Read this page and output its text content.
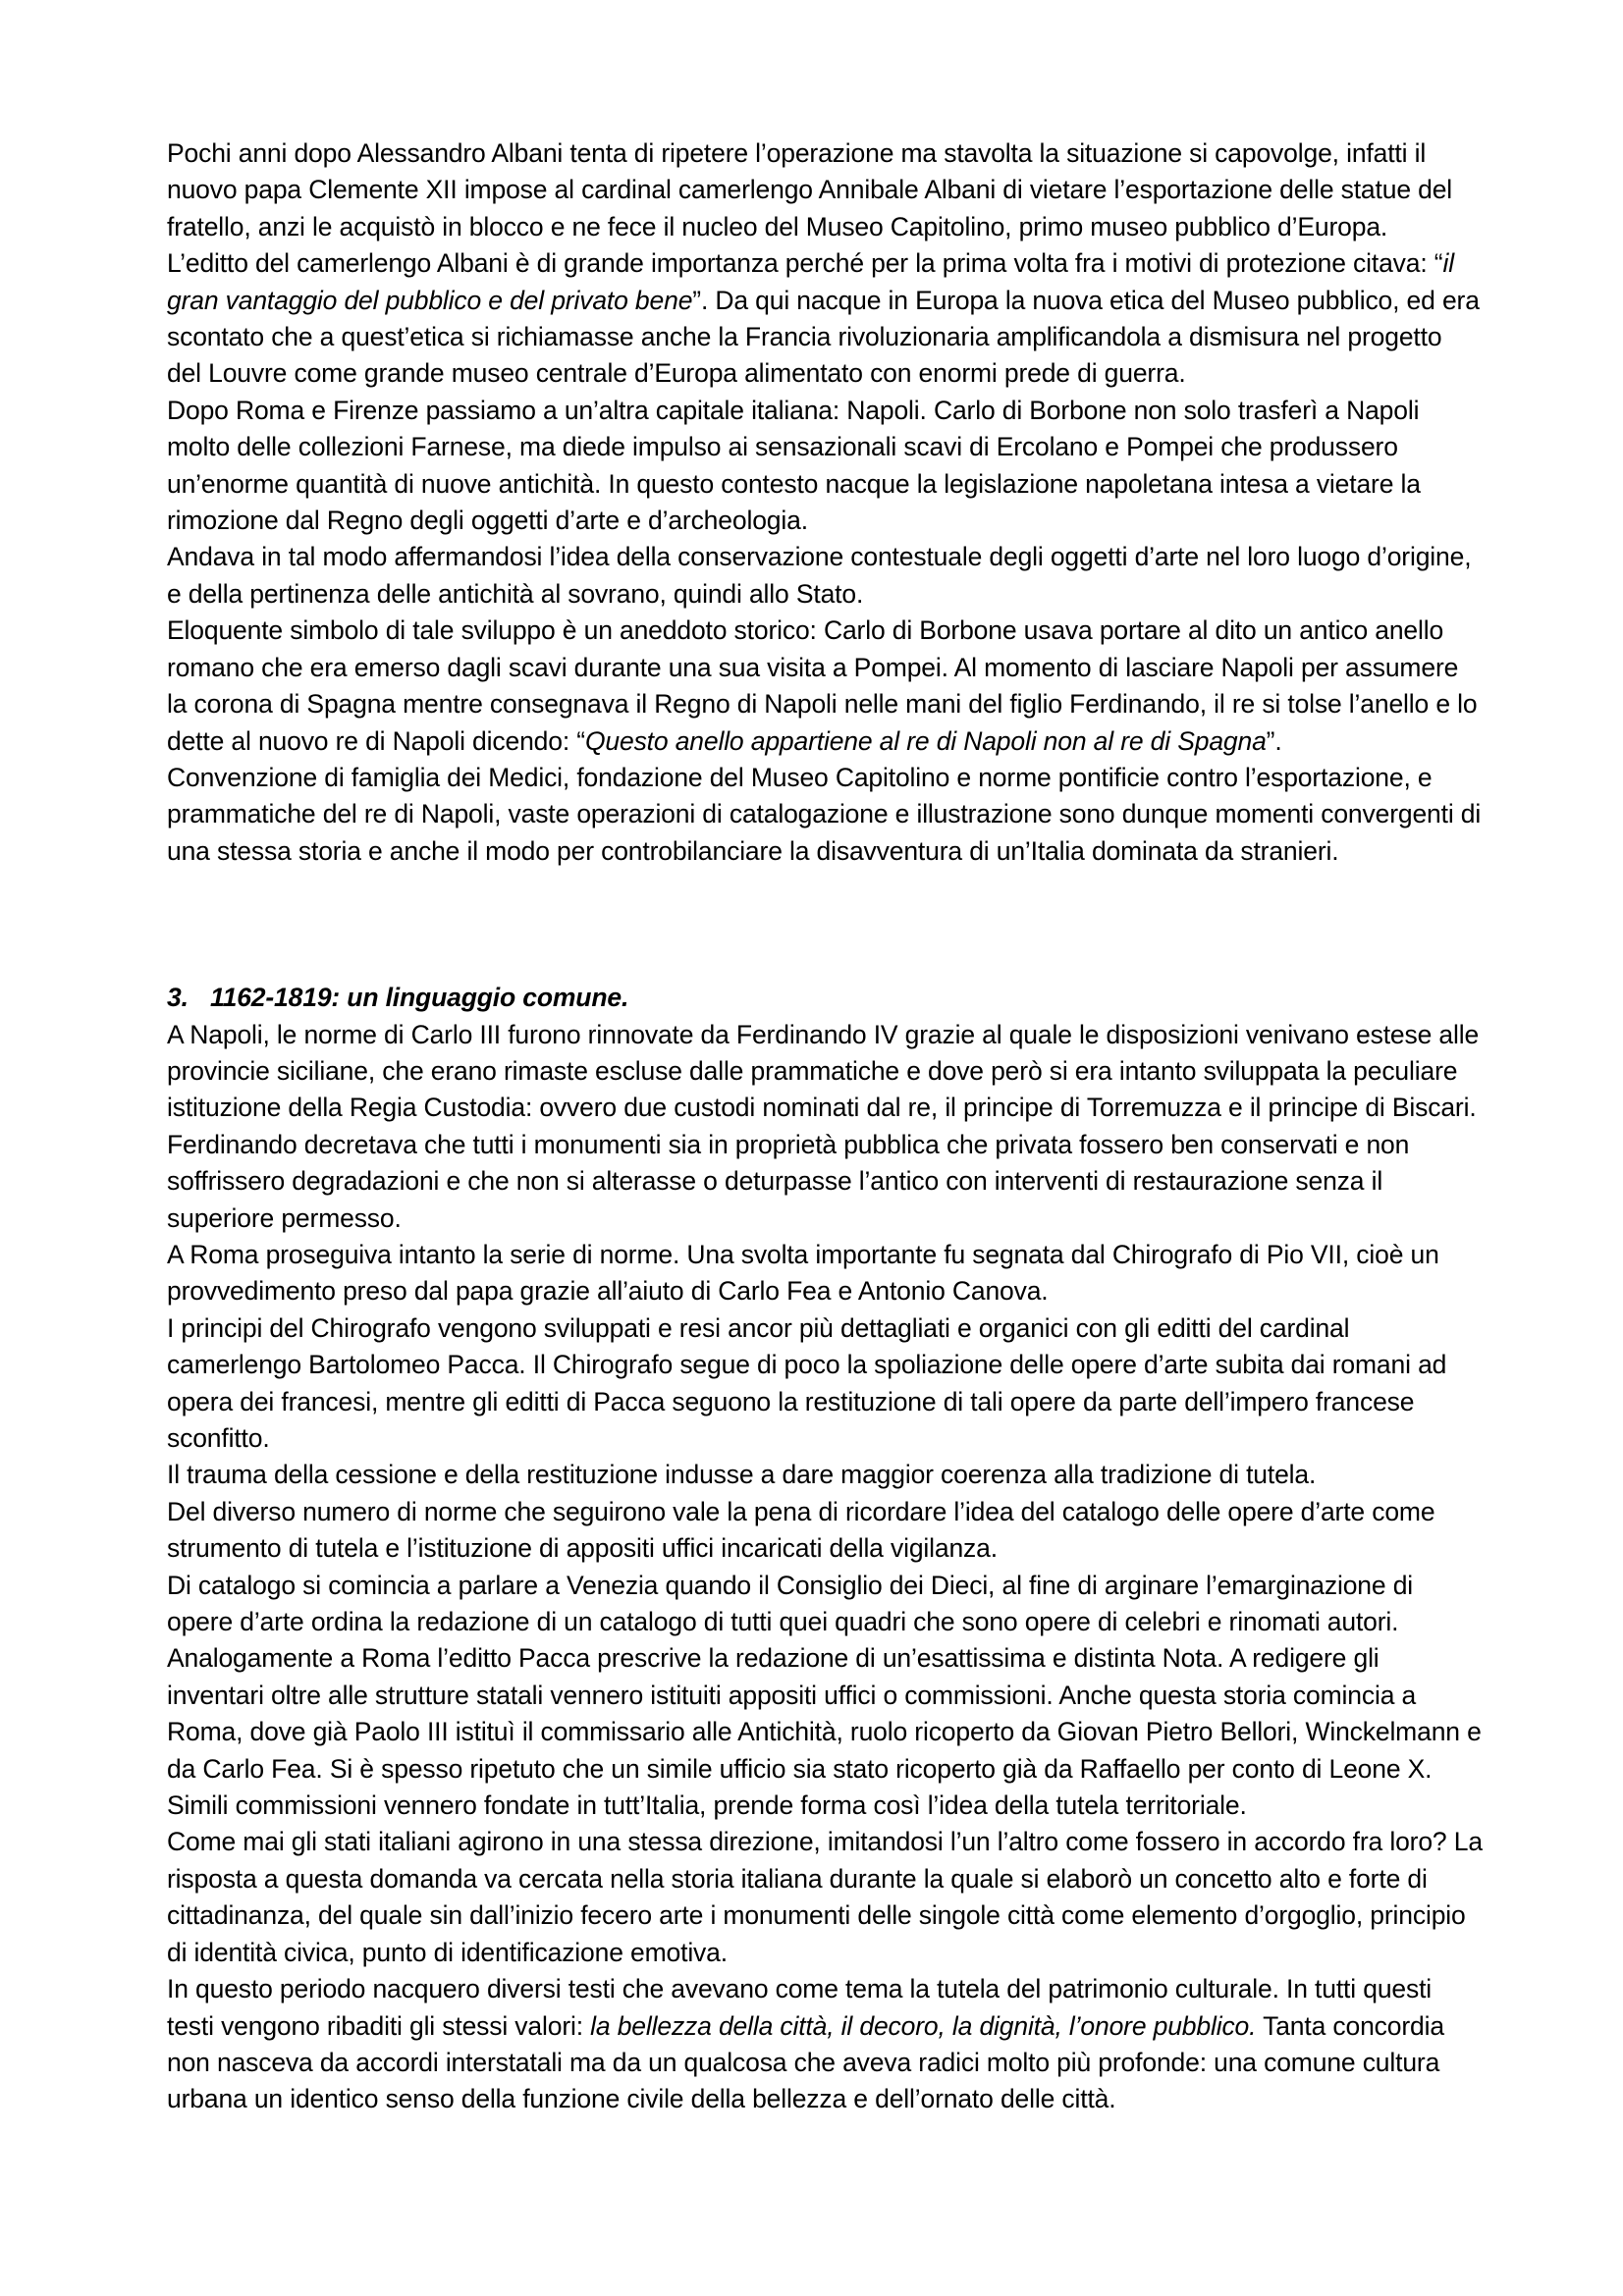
Pochi anni dopo Alessandro Albani tenta di ripetere l’operazione ma stavolta la situazione si capovolge, infatti il nuovo papa Clemente XII impose al cardinal camerlengo Annibale Albani di vietare l’esportazione delle statue del fratello, anzi le acquistò in blocco e ne fece il nucleo del Museo Capitolino, primo museo pubblico d’Europa.

L’editto del camerlengo Albani è di grande importanza perché per la prima volta fra i motivi di protezione citava: “il gran vantaggio del pubblico e del privato bene”. Da qui nacque in Europa la nuova etica del Museo pubblico, ed era scontato che a quest’etica si richiamasse anche la Francia rivoluzionaria amplificandola a dismisura nel progetto del Louvre come grande museo centrale d’Europa alimentato con enormi prede di guerra.

Dopo Roma e Firenze passiamo a un’altra capitale italiana: Napoli. Carlo di Borbone non solo trasferì a Napoli molto delle collezioni Farnese, ma diede impulso ai sensazionali scavi di Ercolano e Pompei che produssero un’enorme quantità di nuove antichità. In questo contesto nacque la legislazione napoletana intesa a vietare la rimozione dal Regno degli oggetti d’arte e d’archeologia.

Andava in tal modo affermandosi l’idea della conservazione contestuale degli oggetti d’arte nel loro luogo d’origine, e della pertinenza delle antichità al sovrano, quindi allo Stato.

Eloquente simbolo di tale sviluppo è un aneddoto storico: Carlo di Borbone usava portare al dito un antico anello romano che era emerso dagli scavi durante una sua visita a Pompei. Al momento di lasciare Napoli per assumere la corona di Spagna mentre consegnava il Regno di Napoli nelle mani del figlio Ferdinando, il re si tolse l’anello e lo dette al nuovo re di Napoli dicendo: “Questo anello appartiene al re di Napoli non al re di Spagna”.

Convenzione di famiglia dei Medici, fondazione del Museo Capitolino e norme pontificie contro l’esportazione, e prammatiche del re di Napoli, vaste operazioni di catalogazione e illustrazione sono dunque momenti convergenti di una stessa storia e anche il modo per controbilanciare la disavventura di un’Italia dominata da stranieri.

3. 1162-1819: un linguaggio comune.

A Napoli, le norme di Carlo III furono rinnovate da Ferdinando IV grazie al quale le disposizioni venivano estese alle provincie siciliane, che erano rimaste escluse dalle prammatiche e dove però si era intanto sviluppata la peculiare istituzione della Regia Custodia: ovvero due custodi nominati dal re, il principe di Torremuzza e il principe di Biscari.

Ferdinando decretava che tutti i monumenti sia in proprietà pubblica che privata fossero ben conservati e non soffrissero degradazioni e che non si alterasse o deturpasse l’antico con interventi di restaurazione senza il superiore permesso.

A Roma proseguiva intanto la serie di norme. Una svolta importante fu segnata dal Chirografo di Pio VII, cioè un provvedimento preso dal papa grazie all’aiuto di Carlo Fea e Antonio Canova.

I principi del Chirografo vengono sviluppati e resi ancor più dettagliati e organici con gli editti del cardinal camerlengo Bartolomeo Pacca. Il Chirografo segue di poco la spoliazione delle opere d’arte subita dai romani ad opera dei francesi, mentre gli editti di Pacca seguono la restituzione di tali opere da parte dell’impero francese sconfitto.

Il trauma della cessione e della restituzione indusse a dare maggior coerenza alla tradizione di tutela.

Del diverso numero di norme che seguirono vale la pena di ricordare l’idea del catalogo delle opere d’arte come strumento di tutela e l’istituzione di appositi uffici incaricati della vigilanza.

Di catalogo si comincia a parlare a Venezia quando il Consiglio dei Dieci, al fine di arginare l’emarginazione di opere d’arte ordina la redazione di un catalogo di tutti quei quadri che sono opere di celebri e rinomati autori.

Analogamente a Roma l’editto Pacca prescrive la redazione di un’esattissima e distinta Nota. A redigere gli inventari oltre alle strutture statali vennero istituiti appositi uffici o commissioni. Anche questa storia comincia a Roma, dove già Paolo III istituì il commissario alle Antichità, ruolo ricoperto da Giovan Pietro Bellori, Winckelmann e da Carlo Fea. Si è spesso ripetuto che un simile ufficio sia stato ricoperto già da Raffaello per conto di Leone X. Simili commissioni vennero fondate in tutt’Italia, prende forma così l’idea della tutela territoriale.

Come mai gli stati italiani agirono in una stessa direzione, imitandosi l’un l’altro come fossero in accordo fra loro? La risposta a questa domanda va cercata nella storia italiana durante la quale si elaborò un concetto alto e forte di cittadinanza, del quale sin dall’inizio fecero arte i monumenti delle singole città come elemento d’orgoglio, principio di identità civica, punto di identificazione emotiva.

In questo periodo nacquero diversi testi che avevano come tema la tutela del patrimonio culturale. In tutti questi testi vengono ribaditi gli stessi valori: la bellezza della città, il decoro, la dignità, l’onore pubblico. Tanta concordia non nasceva da accordi interstatali ma da un qualcosa che aveva radici molto più profonde: una comune cultura urbana un identico senso della funzione civile della bellezza e dell’ornato delle città.
